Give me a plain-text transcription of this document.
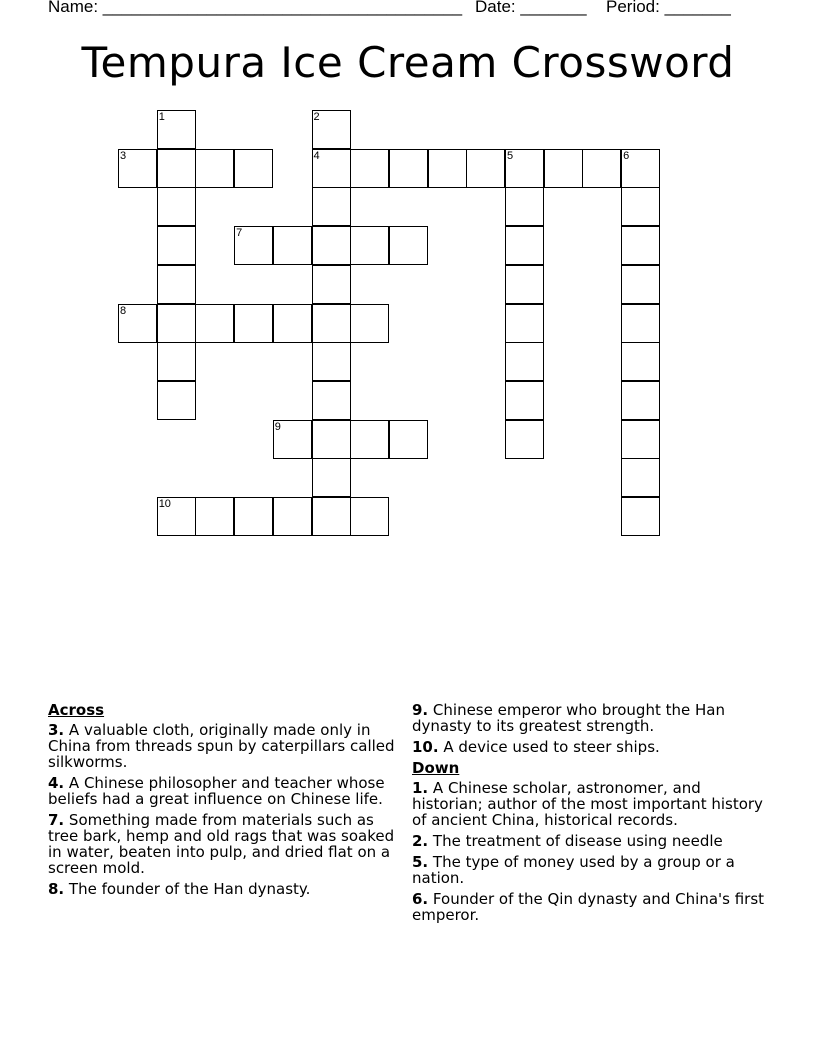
Name: ______________________________________ Date: _______ Period: _______
Tempura Ice Cream Crossword
1	2
3	4	5	6
7
8
9
10
Across
3. A valuable cloth, originally made only in China from threads spun by caterpillars called silkworms.
4. A Chinese philosopher and teacher whose beliefs had a great influence on Chinese life.
7. Something made from materials such as tree bark, hemp and old rags that was soaked in water, beaten into pulp, and dried flat on a screen mold.
8. The founder of the Han dynasty.
9. Chinese emperor who brought the Han dynasty to its greatest strength.
10. A device used to steer ships.
Down
1. A Chinese scholar, astronomer, and historian; author of the most important history of ancient China, historical records.
2. The treatment of disease using needle
5. The type of money used by a group or a nation.
6. Founder of the Qin dynasty and China's first emperor.
